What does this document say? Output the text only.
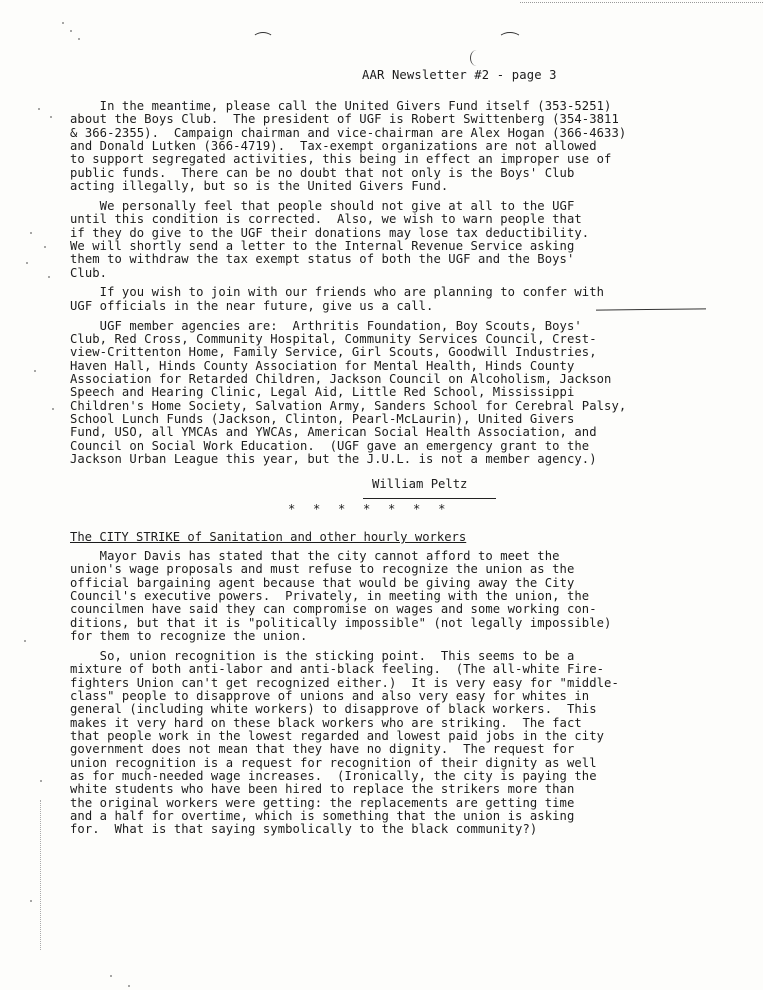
AAR Newsletter #2 - page 3
In the meantime, please call the United Givers Fund itself (353-5251)
about the Boys Club.  The president of UGF is Robert Swittenberg (354-3811
& 366-2355).  Campaign chairman and vice-chairman are Alex Hogan (366-4633)
and Donald Lutken (366-4719).  Tax-exempt organizations are not allowed
to support segregated activities, this being in effect an improper use of
public funds.  There can be no doubt that not only is the Boys' Club
acting illegally, but so is the United Givers Fund.
We personally feel that people should not give at all to the UGF
until this condition is corrected.  Also, we wish to warn people that
if they do give to the UGF their donations may lose tax deductibility.
We will shortly send a letter to the Internal Revenue Service asking
them to withdraw the tax exempt status of both the UGF and the Boys'
Club.
If you wish to join with our friends who are planning to confer with
UGF officials in the near future, give us a call.
UGF member agencies are:  Arthritis Foundation, Boy Scouts, Boys'
Club, Red Cross, Community Hospital, Community Services Council, Crest-
view-Crittenton Home, Family Service, Girl Scouts, Goodwill Industries,
Haven Hall, Hinds County Association for Mental Health, Hinds County
Association for Retarded Children, Jackson Council on Alcoholism, Jackson
Speech and Hearing Clinic, Legal Aid, Little Red School, Mississippi
Children's Home Society, Salvation Army, Sanders School for Cerebral Palsy,
School Lunch Funds (Jackson, Clinton, Pearl-McLaurin), United Givers
Fund, USO, all YMCAs and YWCAs, American Social Health Association, and
Council on Social Work Education.  (UGF gave an emergency grant to the
Jackson Urban League this year, but the J.U.L. is not a member agency.)
William Peltz
*  *  *  *  *  *  *
The CITY STRIKE of Sanitation and other hourly workers
Mayor Davis has stated that the city cannot afford to meet the
union's wage proposals and must refuse to recognize the union as the
official bargaining agent because that would be giving away the City
Council's executive powers.  Privately, in meeting with the union, the
councilmen have said they can compromise on wages and some working con-
ditions, but that it is "politically impossible" (not legally impossible)
for them to recognize the union.
So, union recognition is the sticking point.  This seems to be a
mixture of both anti-labor and anti-black feeling.  (The all-white Fire-
fighters Union can't get recognized either.)  It is very easy for "middle-
class" people to disapprove of unions and also very easy for whites in
general (including white workers) to disapprove of black workers.  This
makes it very hard on these black workers who are striking.  The fact
that people work in the lowest regarded and lowest paid jobs in the city
government does not mean that they have no dignity.  The request for
union recognition is a request for recognition of their dignity as well
as for much-needed wage increases.  (Ironically, the city is paying the
white students who have been hired to replace the strikers more than
the original workers were getting: the replacements are getting time
and a half for overtime, which is something that the union is asking
for.  What is that saying symbolically to the black community?)
